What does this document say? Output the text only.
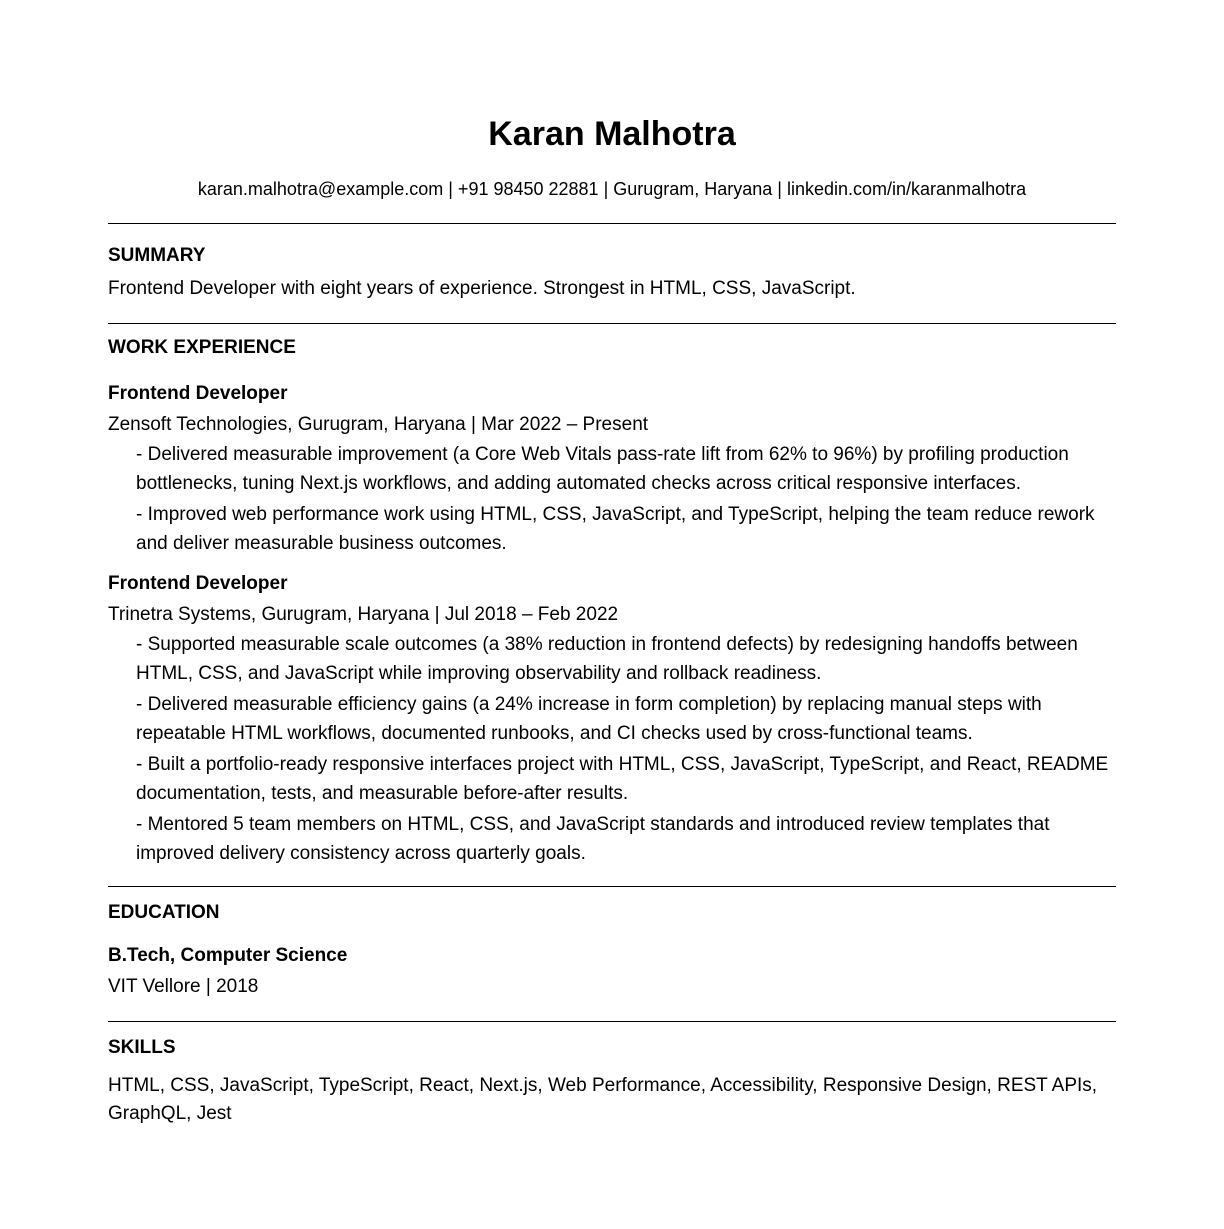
Karan Malhotra
karan.malhotra@example.com | +91 98450 22881 | Gurugram, Haryana | linkedin.com/in/karanmalhotra
SUMMARY

Frontend Developer with eight years of experience. Strongest in HTML, CSS, JavaScript.

WORK EXPERIENCE
Frontend Developer
Zensoft Technologies, Gurugram, Haryana | Mar 2022 – Present
- Delivered measurable improvement (a Core Web Vitals pass-rate lift from 62% to 96%) by profiling production bottlenecks, tuning Next.js workflows, and adding automated checks across critical responsive interfaces.
- Improved web performance work using HTML, CSS, JavaScript, and TypeScript, helping the team reduce rework and deliver measurable business outcomes.
Frontend Developer
Trinetra Systems, Gurugram, Haryana | Jul 2018 – Feb 2022
- Supported measurable scale outcomes (a 38% reduction in frontend defects) by redesigning handoffs between HTML, CSS, and JavaScript while improving observability and rollback readiness.
- Delivered measurable efficiency gains (a 24% increase in form completion) by replacing manual steps with repeatable HTML workflows, documented runbooks, and CI checks used by cross-functional teams.
- Built a portfolio-ready responsive interfaces project with HTML, CSS, JavaScript, TypeScript, and React, README documentation, tests, and measurable before-after results.
- Mentored 5 team members on HTML, CSS, and JavaScript standards and introduced review templates that improved delivery consistency across quarterly goals.
EDUCATION
B.Tech, Computer Science
VIT Vellore | 2018
SKILLS

HTML, CSS, JavaScript, TypeScript, React, Next.js, Web Performance, Accessibility, Responsive Design, REST APIs, GraphQL, Jest
